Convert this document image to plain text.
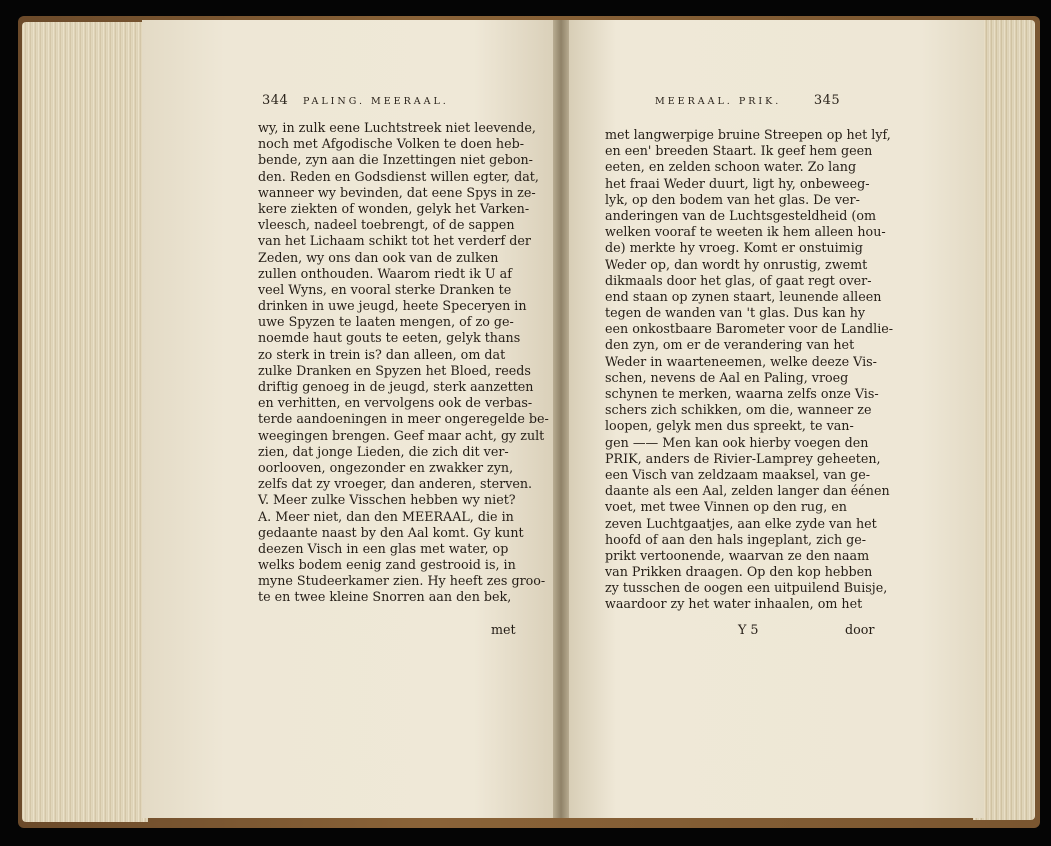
344 PALING. MEERAAL.	MEERAAL. PRIK.	345
wy, in zulk eene Luchtstreek niet leevende,
noch met Afgodische Volken te doen heb-
bende, zyn aan die Inzettingen niet gebon-
den. Reden en Godsdienst willen egter, dat,
wanneer wy bevinden, dat eene Spys in ze-
kere ziekten of wonden, gelyk het Varken-
vleesch, nadeel toebrengt, of de sappen
van het Lichaam schikt tot het verderf der
Zeden, wy ons dan ook van de zulken
zullen onthouden. Waarom riedt ik U af
veel Wyns, en vooral sterke Dranken te
drinken in uwe jeugd, heete Speceryen in
uwe Spyzen te laaten mengen, of zo ge-
noemde haut gouts te eeten, gelyk thans
zo sterk in trein is? dan alleen, om dat
zulke Dranken en Spyzen het Bloed, reeds
driftig genoeg in de jeugd, sterk aanzetten
en verhitten, en vervolgens ook de verbas-
terde aandoeningen in meer ongeregelde be-
weegingen brengen. Geef maar acht, gy zult
zien, dat jonge Lieden, die zich dit ver-
oorlooven, ongezonder en zwakker zyn,
zelfs dat zy vroeger, dan anderen, sterven.
V. Meer zulke Visschen hebben wy niet?
A. Meer niet, dan den MEERAAL, die in
gedaante naast by den Aal komt. Gy kunt
deezen Visch in een glas met water, op
welks bodem eenig zand gestrooid is, in
myne Studeerkamer zien. Hy heeft zes groo-
te en twee kleine Snorren aan den bek,
met
met langwerpige bruine Streepen op het lyf,
en een' breeden Staart. Ik geef hem geen
eeten, en zelden schoon water. Zo lang
het fraai Weder duurt, ligt hy, onbeweeg-
lyk, op den bodem van het glas. De ver-
anderingen van de Luchtsgesteldheid (om
welken vooraf te weeten ik hem alleen hou-
de) merkte hy vroeg. Komt er onstuimig
Weder op, dan wordt hy onrustig, zwemt
dikmaals door het glas, of gaat regt over-
end staan op zynen staart, leunende alleen
tegen de wanden van 't glas. Dus kan hy
een onkostbaare Barometer voor de Landlie-
den zyn, om er de verandering van het
Weder in waarteneemen, welke deeze Vis-
schen, nevens de Aal en Paling, vroeg
schynen te merken, waarna zelfs onze Vis-
schers zich schikken, om die, wanneer ze
loopen, gelyk men dus spreekt, te van-
gen —— Men kan ook hierby voegen den
PRIK, anders de Rivier-Lamprey geheeten,
een Visch van zeldzaam maaksel, van ge-
daante als een Aal, zelden langer dan éénen
voet, met twee Vinnen op den rug, en
zeven Luchtgaatjes, aan elke zyde van het
hoofd of aan den hals ingeplant, zich ge-
prikt vertoonende, waarvan ze den naam
van Prikken draagen. Op den kop hebben
zy tusschen de oogen een uitpuilend Buisje,
waardoor zy het water inhaalen, om het
Y 5	door
